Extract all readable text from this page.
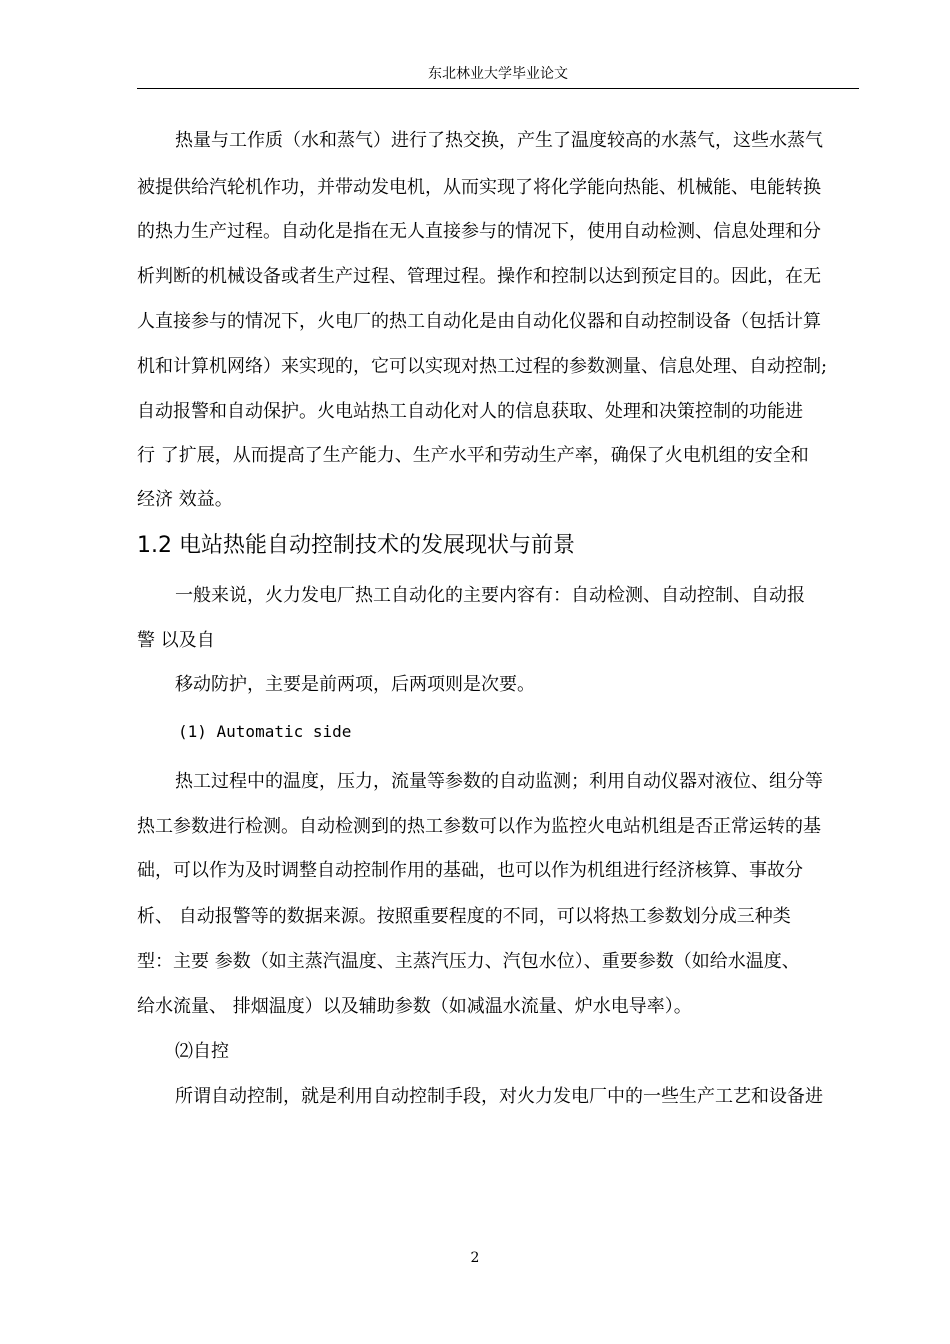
东北林业大学毕业论文
热量与工作质（水和蒸气）进行了热交换，产生了温度较高的水蒸气，这些水蒸气
被提供给汽轮机作功，并带动发电机，从而实现了将化学能向热能、机械能、电能转换
的热力生产过程。自动化是指在无人直接参与的情况下，使用自动检测、信息处理和分
析判断的机械设备或者生产过程、管理过程。操作和控制以达到预定目的。因此，在无
人直接参与的情况下，火电厂的热工自动化是由自动化仪器和自动控制设备（包括计算
机和计算机网络）来实现的，它可以实现对热工过程的参数测量、信息处理、自动控制;
自动报警和自动保护。火电站热工自动化对人的信息获取、处理和决策控制的功能进
行 了扩展，从而提高了生产能力、生产水平和劳动生产率，确保了火电机组的安全和
经济 效益。
1.2 电站热能自动控制技术的发展现状与前景
一般来说，火力发电厂热工自动化的主要内容有：自动检测、自动控制、自动报
警 以及自
移动防护，主要是前两项，后两项则是次要。
(1) Automatic side
热工过程中的温度，压力，流量等参数的自动监测；利用自动仪器对液位、组分等
热工参数进行检测。自动检测到的热工参数可以作为监控火电站机组是否正常运转的基
础，可以作为及时调整自动控制作用的基础，也可以作为机组进行经济核算、事故分
析、 自动报警等的数据来源。按照重要程度的不同，可以将热工参数划分成三种类
型：主要 参数（如主蒸汽温度、主蒸汽压力、汽包水位）、重要参数（如给水温度、
给水流量、 排烟温度）以及辅助参数（如减温水流量、炉水电导率）。
⑵自控
所谓自动控制，就是利用自动控制手段，对火力发电厂中的一些生产工艺和设备进
2
